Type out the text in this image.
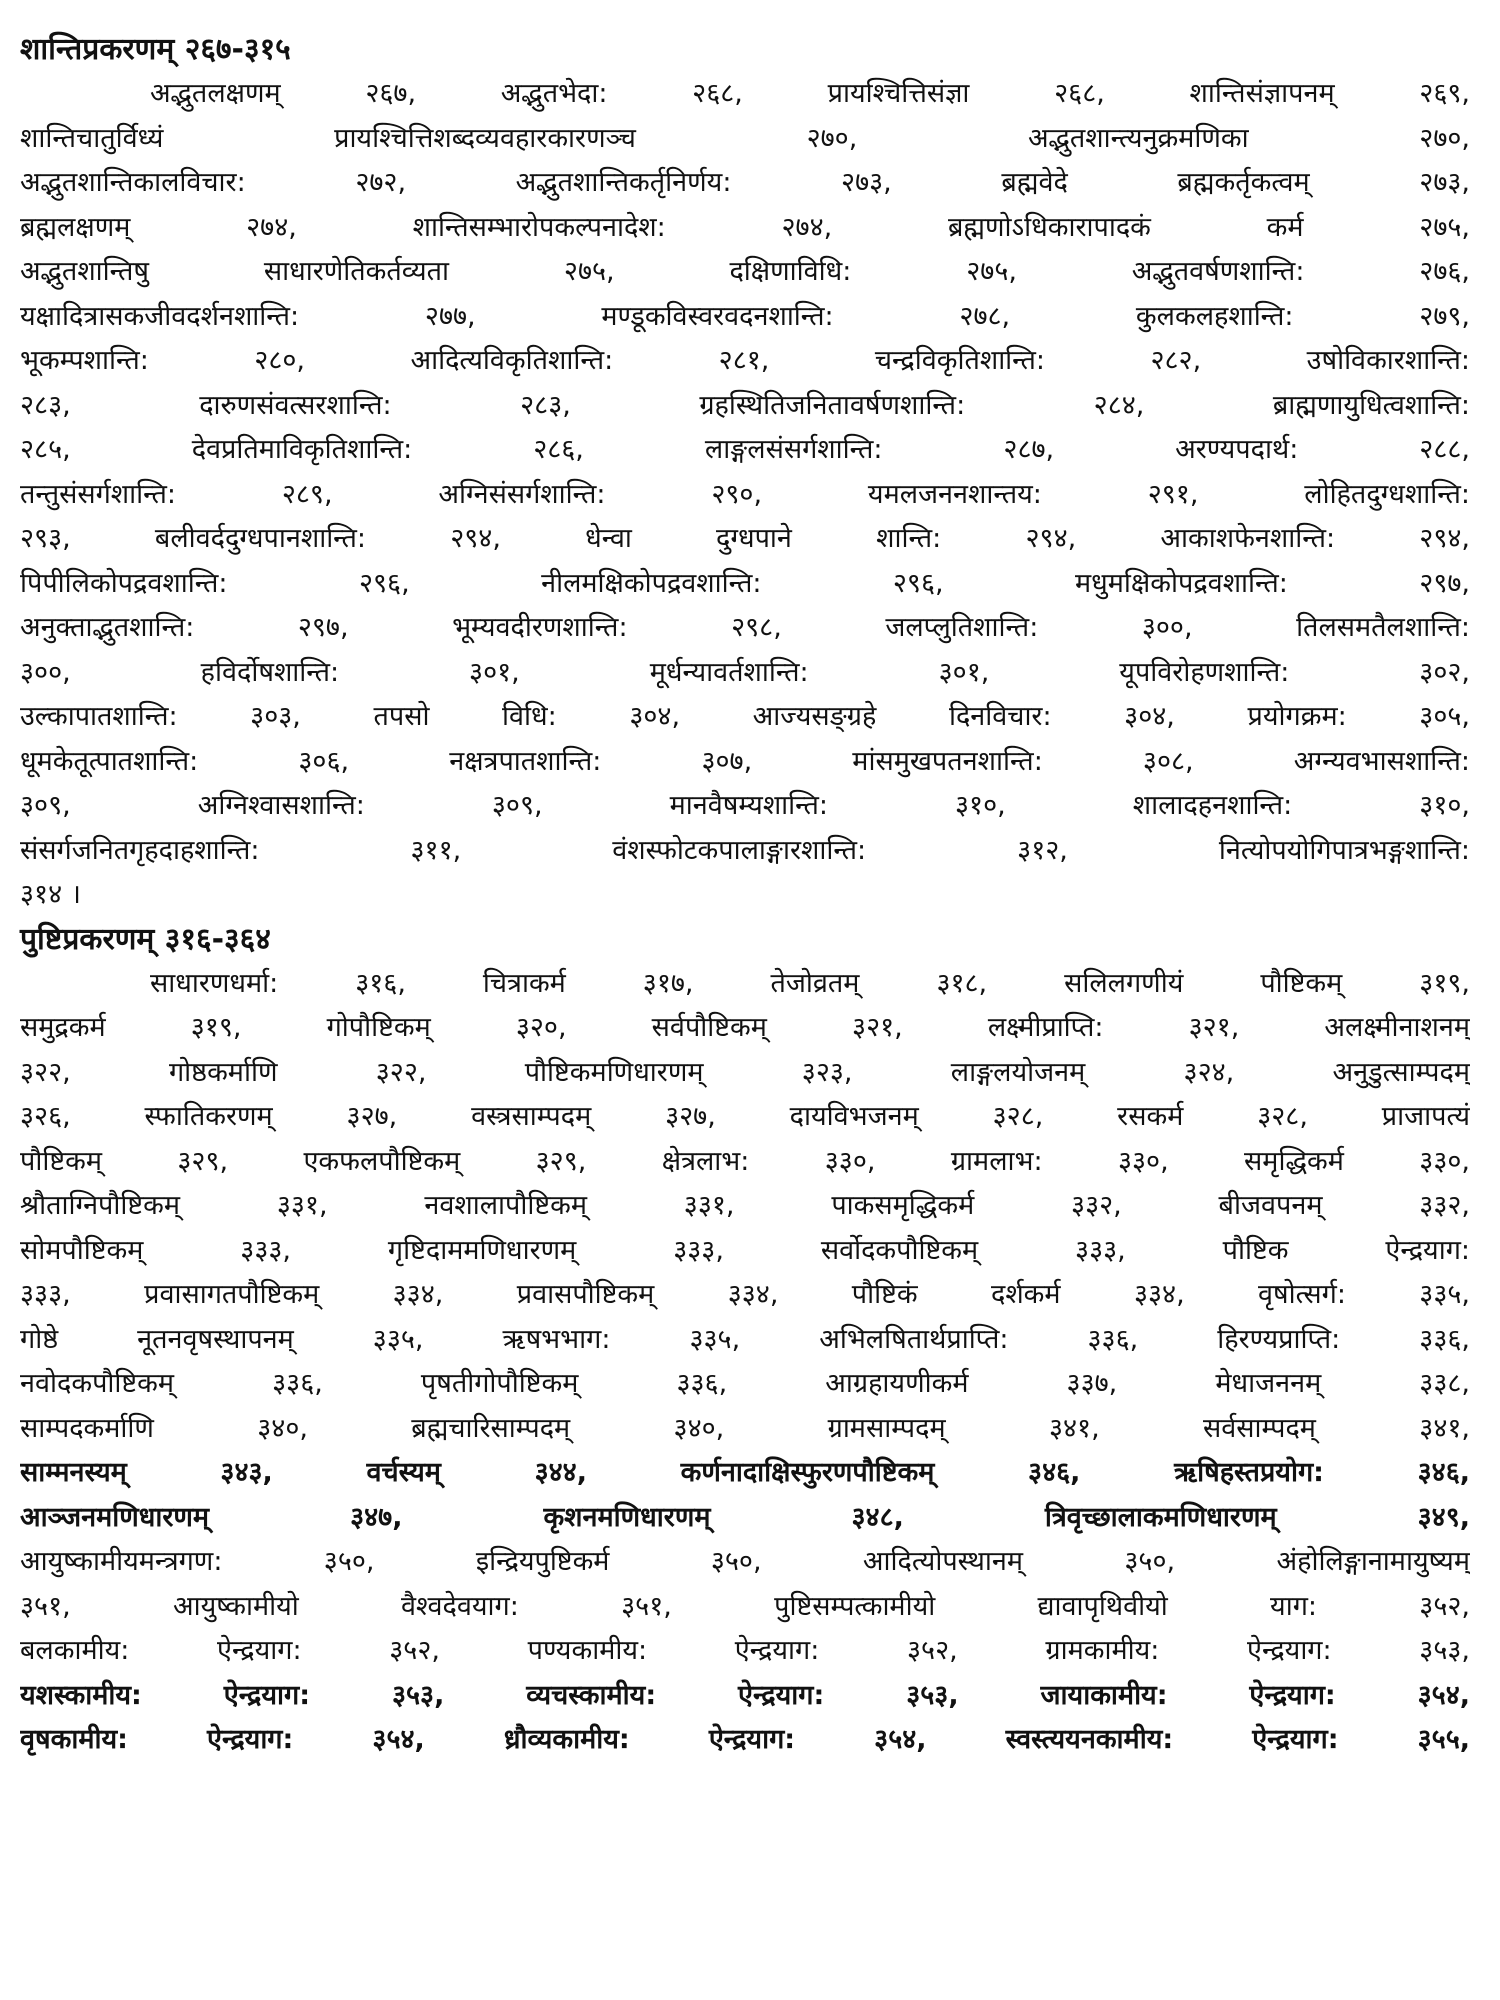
शान्तिप्रकरणम् २६७-३१५
अद्भुतलक्षणम् २६७, अद्भुतभेदा: २६८, प्रायश्चित्तिसंज्ञा २६८, शान्तिसंज्ञापनम् २६९,
शान्तिचातुर्विध्यं प्रायश्चित्तिशब्दव्यवहारकारणञ्च २७०, अद्भुतशान्त्यनुक्रमणिका २७०,
अद्भुतशान्तिकालविचार: २७२, अद्भुतशान्तिकर्तृनिर्णय: २७३, ब्रह्मवेदे ब्रह्मकर्तृकत्वम् २७३,
ब्रह्मलक्षणम् २७४, शान्तिसम्भारोपकल्पनादेश: २७४, ब्रह्मणोऽधिकारापादकं कर्म २७५,
अद्भुतशान्तिषु साधारणेतिकर्तव्यता २७५, दक्षिणाविधि: २७५, अद्भुतवर्षणशान्ति: २७६,
यक्षादित्रासकजीवदर्शनशान्ति: २७७, मण्डूकविस्वरवदनशान्ति: २७८, कुलकलहशान्ति: २७९,
भूकम्पशान्ति: २८०, आदित्यविकृतिशान्ति: २८१, चन्द्रविकृतिशान्ति: २८२, उषोविकारशान्ति:
२८३, दारुणसंवत्सरशान्ति: २८३, ग्रहस्थितिजनितावर्षणशान्ति: २८४, ब्राह्मणायुधित्वशान्ति:
२८५, देवप्रतिमाविकृतिशान्ति: २८६, लाङ्गलसंसर्गशान्ति: २८७, अरण्यपदार्थ: २८८,
तन्तुसंसर्गशान्ति: २८९, अग्निसंसर्गशान्ति: २९०, यमलजननशान्तय: २९१, लोहितदुग्धशान्ति:
२९३, बलीवर्ददुग्धपानशान्ति: २९४, धेन्वा दुग्धपाने शान्ति: २९४, आकाशफेनशान्ति: २९४,
पिपीलिकोपद्रवशान्ति: २९६, नीलमक्षिकोपद्रवशान्ति: २९६, मधुमक्षिकोपद्रवशान्ति: २९७,
अनुक्ताद्भुतशान्ति: २९७, भूम्यवदीरणशान्ति: २९८, जलप्लुतिशान्ति: ३००, तिलसमतैलशान्ति:
३००, हविर्दोषशान्ति: ३०१, मूर्धन्यावर्तशान्ति: ३०१, यूपविरोहणशान्ति: ३०२,
उल्कापातशान्ति: ३०३, तपसो विधि: ३०४, आज्यसङ्ग्रहे दिनविचार: ३०४, प्रयोगक्रम: ३०५,
धूमकेतूत्पातशान्ति: ३०६, नक्षत्रपातशान्ति: ३०७, मांसमुखपतनशान्ति: ३०८, अग्न्यवभासशान्ति:
३०९, अग्निश्वासशान्ति: ३०९, मानवैषम्यशान्ति: ३१०, शालादहनशान्ति: ३१०,
संसर्गजनितगृहदाहशान्ति: ३११, वंशस्फोटकपालाङ्गारशान्ति: ३१२, नित्योपयोगिपात्रभङ्गशान्ति:
३१४ ।
पुष्टिप्रकरणम् ३१६-३६४
साधारणधर्मा: ३१६, चित्राकर्म ३१७, तेजोव्रतम् ३१८, सलिलगणीयं पौष्टिकम् ३१९,
समुद्रकर्म ३१९, गोपौष्टिकम् ३२०, सर्वपौष्टिकम् ३२१, लक्ष्मीप्राप्ति: ३२१, अलक्ष्मीनाशनम्
३२२, गोष्ठकर्माणि ३२२, पौष्टिकमणिधारणम् ३२३, लाङ्गलयोजनम् ३२४, अनुडुत्साम्पदम्
३२६, स्फातिकरणम् ३२७, वस्त्रसाम्पदम् ३२७, दायविभजनम् ३२८, रसकर्म ३२८, प्राजापत्यं
पौष्टिकम् ३२९, एकफलपौष्टिकम् ३२९, क्षेत्रलाभ: ३३०, ग्रामलाभ: ३३०, समृद्धिकर्म ३३०,
श्रौताग्निपौष्टिकम् ३३१, नवशालापौष्टिकम् ३३१, पाकसमृद्धिकर्म ३३२, बीजवपनम् ३३२,
सोमपौष्टिकम् ३३३, गृष्टिदाममणिधारणम् ३३३, सर्वोदकपौष्टिकम् ३३३, पौष्टिक ऐन्द्रयाग:
३३३, प्रवासागतपौष्टिकम् ३३४, प्रवासपौष्टिकम् ३३४, पौष्टिकं दर्शकर्म ३३४, वृषोत्सर्ग: ३३५,
गोष्ठे नूतनवृषस्थापनम् ३३५, ऋषभभाग: ३३५, अभिलषितार्थप्राप्ति: ३३६, हिरण्यप्राप्ति: ३३६,
नवोदकपौष्टिकम् ३३६, पृषतीगोपौष्टिकम् ३३६, आग्रहायणीकर्म ३३७, मेधाजननम् ३३८,
साम्पदकर्माणि ३४०, ब्रह्मचारिसाम्पदम् ३४०, ग्रामसाम्पदम् ३४१, सर्वसाम्पदम् ३४१,
साम्मनस्यम् ३४३, वर्चस्यम् ३४४, कर्णनादाक्षिस्फुरणपौष्टिकम् ३४६, ऋषिहस्तप्रयोग: ३४६,
आञ्जनमणिधारणम् ३४७, कृशनमणिधारणम् ३४८, त्रिवृच्छालाकमणिधारणम् ३४९,
आयुष्कामीयमन्त्रगण: ३५०, इन्द्रियपुष्टिकर्म ३५०, आदित्योपस्थानम् ३५०, अंहोलिङ्गानामायुष्यम्
३५१, आयुष्कामीयो वैश्वदेवयाग: ३५१, पुष्टिसम्पत्कामीयो द्यावापृथिवीयो याग: ३५२,
बलकामीय: ऐन्द्रयाग: ३५२, पण्यकामीय: ऐन्द्रयाग: ३५२, ग्रामकामीय: ऐन्द्रयाग: ३५३,
यशस्कामीय: ऐन्द्रयाग: ३५३, व्यचस्कामीय: ऐन्द्रयाग: ३५३, जायाकामीय: ऐन्द्रयाग: ३५४,
वृषकामीय: ऐन्द्रयाग: ३५४, ध्रौव्यकामीय: ऐन्द्रयाग: ३५४, स्वस्त्ययनकामीय: ऐन्द्रयाग: ३५५,
